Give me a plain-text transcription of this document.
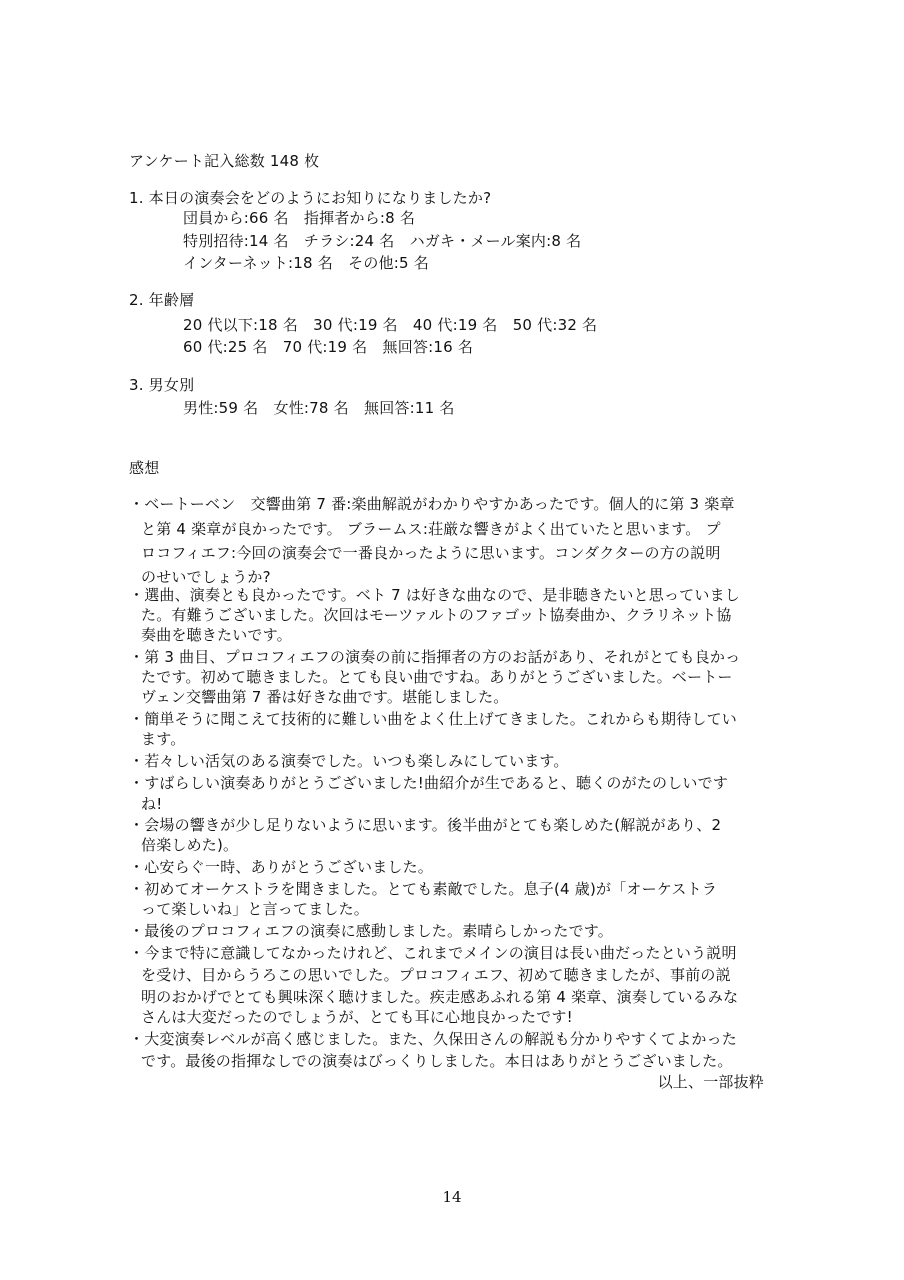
アンケート記入総数 148 枚
1. 本日の演奏会をどのようにお知りになりましたか?
団員から:66 名　指揮者から:8 名
特別招待:14 名　チラシ:24 名　ハガキ・メール案内:8 名
インターネット:18 名　その他:5 名
2. 年齢層
20 代以下:18 名　30 代:19 名　40 代:19 名　50 代:32 名
60 代:25 名　70 代:19 名　無回答:16 名
3. 男女別
男性:59 名　女性:78 名　無回答:11 名
感想
・ベートーベン　交響曲第 7 番:楽曲解説がわかりやすかあったです。個人的に第 3 楽章
と第 4 楽章が良かったです。 ブラームス:荘厳な響きがよく出ていたと思います。 プ
ロコフィエフ:今回の演奏会で一番良かったように思います。コンダクターの方の説明
のせいでしょうか?
・選曲、演奏とも良かったです。ベト 7 は好きな曲なので、是非聴きたいと思っていまし
た。有難うございました。次回はモーツァルトのファゴット協奏曲か、クラリネット協
奏曲を聴きたいです。
・第 3 曲目、プロコフィエフの演奏の前に指揮者の方のお話があり、それがとても良かっ
たです。初めて聴きました。とても良い曲ですね。ありがとうございました。ベートー
ヴェン交響曲第 7 番は好きな曲です。堪能しました。
・簡単そうに聞こえて技術的に難しい曲をよく仕上げてきました。これからも期待してい
ます。
・若々しい活気のある演奏でした。いつも楽しみにしています。
・すばらしい演奏ありがとうございました!曲紹介が生であると、聴くのがたのしいです
ね!
・会場の響きが少し足りないように思います。後半曲がとても楽しめた(解説があり、2
倍楽しめた)。
・心安らぐ一時、ありがとうございました。
・初めてオーケストラを聞きました。とても素敵でした。息子(4 歳)が「オーケストラ
って楽しいね」と言ってました。
・最後のプロコフィエフの演奏に感動しました。素晴らしかったです。
・今まで特に意識してなかったけれど、これまでメインの演目は長い曲だったという説明
を受け、目からうろこの思いでした。プロコフィエフ、初めて聴きましたが、事前の説
明のおかげでとても興味深く聴けました。疾走感あふれる第 4 楽章、演奏しているみな
さんは大変だったのでしょうが、とても耳に心地良かったです!
・大変演奏レベルが高く感じました。また、久保田さんの解説も分かりやすくてよかった
です。最後の指揮なしでの演奏はびっくりしました。本日はありがとうございました。
以上、一部抜粋
14
